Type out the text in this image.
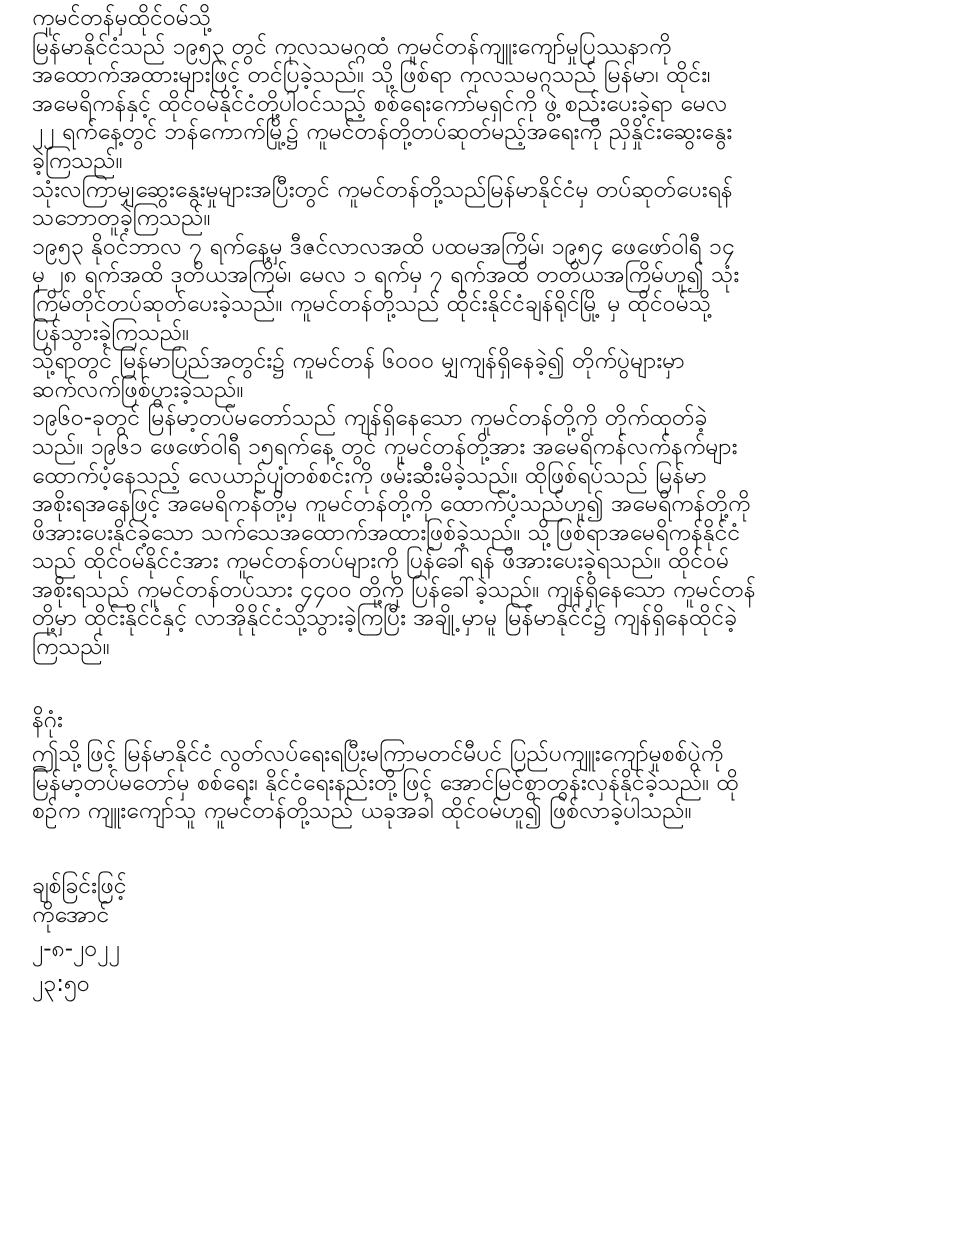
ကူမင်တန်မှထိုင်ဝမ်သို့
မြန်မာနိုင်ငံသည် ၁၉၅၃ တွင် ကုလသမဂ္ဂထံ ကူမင်တန်ကျူးကျော်မှုပြဿနာကို
အထောက်အထားများဖြင့် တင်ပြခဲ့သည်။ သို့ဖြစ်ရာ ကုလသမဂ္ဂသည် မြန်မာ၊ ထိုင်း၊
အမေရိကန်နှင့် ထိုင်ဝမ်နိုင်ငံတို့ပါဝင်သည့် စစ်ရေးကော်မရှင်ကို ဖွဲ့ စည်းပေးခဲ့ရာ မေလ
၂၂ ရက်နေ့တွင် ဘန်ကောက်မြို့၌ ကူမင်တန်တို့တပ်ဆုတ်မည့်အရေးကို ညှိနှိုင်းဆွေးနွေး
ခဲ့ကြသည်။
သုံးလကြာမျှဆွေးနွေးမှုများအပြီးတွင် ကူမင်တန်တို့သည်မြန်မာနိုင်ငံမှ တပ်ဆုတ်ပေးရန်
သဘောတူခဲ့ကြသည်။
၁၉၅၃ နိုဝင်ဘာလ ၇ ရက်နေ့မှ ဒီဇင်လာလအထိ ပထမအကြိမ်၊ ၁၉၅၄ ဖေဖော်ဝါရီ ၁၄
မှ ၂၈ ရက်အထိ ဒုတိယအကြိမ်၊ မေလ ၁ ရက်မှ ၇ ရက်အထိ တတိယအကြိမ်ဟူ၍ သုံး
ကြိမ်တိုင်တပ်ဆုတ်ပေးခဲ့သည်။ ကူမင်တန်တို့သည် ထိုင်းနိုင်ငံချန်ရိုင်မြို့ မှ ထိုင်ဝမ်သို့
ပြန်သွားခဲ့ကြသည်။
သို့ရာတွင် မြန်မာပြည်အတွင်း၌ ကူမင်တန် ၆၀၀၀ မျှကျန်ရှိနေခဲ့၍ တိုက်ပွဲများမှာ
ဆက်လက်ဖြစ်ပွားခဲ့သည်။
၁၉၆၀-ခုတွင် မြန်မာ့တပ်မတော်သည် ကျန်ရှိနေသော ကူမင်တန်တို့ကို တိုက်ထုတ်ခဲ့
သည်။ ၁၉၆၁ ဖေဖော်ဝါရီ ၁၅ရက်နေ့ တွင် ကူမင်တန်တို့အား အမေရိကန်လက်နက်များ
ထောက်ပံ့နေသည့် လေယာဉ်ပျံတစ်စင်းကို ဖမ်းဆီးမိခဲ့သည်။ ထိုဖြစ်ရပ်သည် မြန်မာ
အစိုးရအနေဖြင့် အမေရိကန်တို့မှ ကူမင်တန်တို့ကို ထောက်ပံ့သည်ဟူ၍ အမေရိကန်တို့ကို
ဖိအားပေးနိုင်ခဲ့သော သက်သေအထောက်အထားဖြစ်ခဲ့သည်။ သို့ဖြစ်ရာအမေရိကန်နိုင်ငံ
သည် ထိုင်ဝမ်နိုင်ငံအား ကူမင်တန်တပ်များကို ပြန်ခေါ်ရန် ဖိအားပေးခဲ့ရသည်။ ထိုင်ဝမ်
အစိုးရသည် ကူမင်တန်တပ်သား ၄၄၀၀ တို့ကို ပြန်ခေါ်ခဲ့သည်။ ကျန်ရှိနေသော ကူမင်တန်
တို့မှာ ထိုင်းနိုင်ငံနှင့် လာအိုနိုင်ငံသို့သွားခဲ့ကြပြီး အချို့ မှာမူ မြန်မာနိုင်ငံ၌ ကျန်ရှိနေထိုင်ခဲ့
ကြသည်။
နိဂုံး
ဤသို့ဖြင့် မြန်မာနိုင်ငံ လွတ်လပ်ရေးရပြီးမကြာမတင်မီပင် ပြည်ပကျူးကျော်မှုစစ်ပွဲကို
မြန်မာ့တပ်မတော်မှ စစ်ရေး၊ နိုင်ငံရေးနည်းတို့ဖြင့် အောင်မြင်စွာတွန်းလှန်နိုင်ခဲ့သည်။ ထို
စဉ်က ကျူးကျော်သူ ကူမင်တန်တို့သည် ယခုအခါ ထိုင်ဝမ်ဟူ၍ ဖြစ်လာခဲ့ပါသည်။
ချစ်ခြင်းဖြင့်
ကိုအောင်
၂-၈-၂၀၂၂
၂၃:၅၀
